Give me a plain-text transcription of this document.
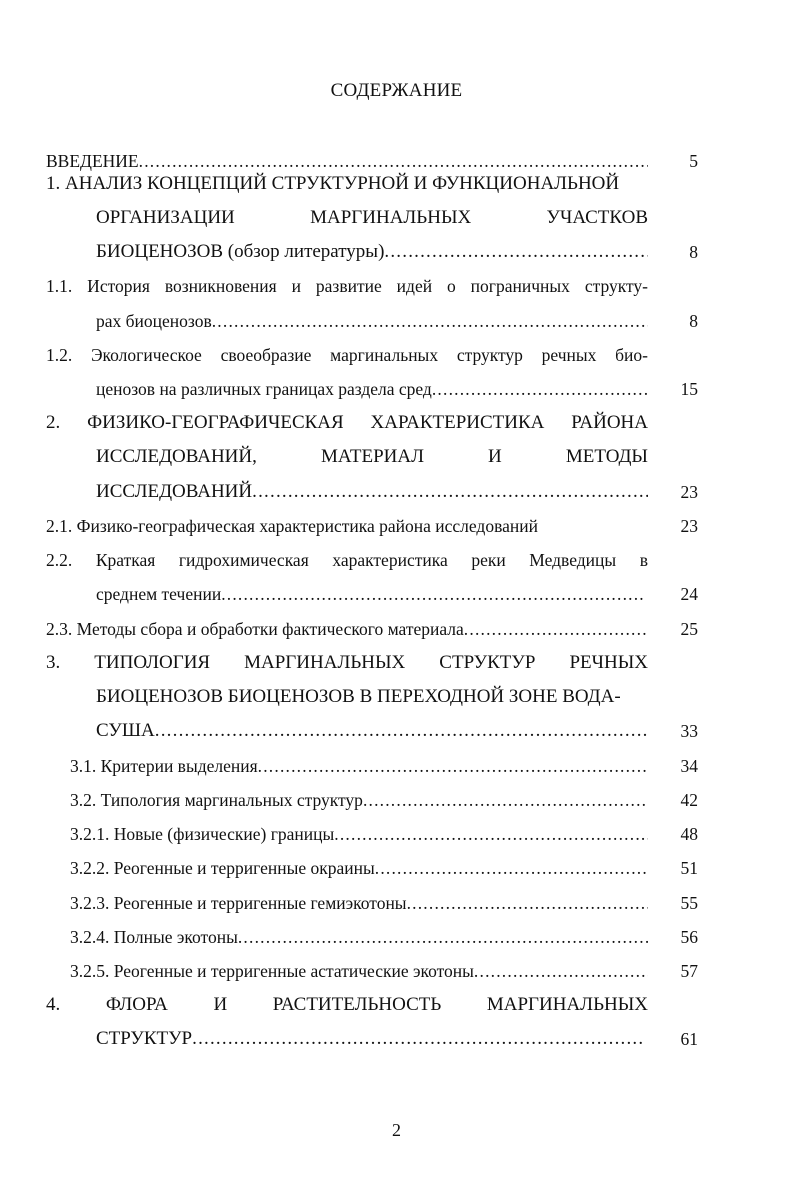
СОДЕРЖАНИЕ
ВВЕДЕНИЕ .....	5
1. АНАЛИЗ КОНЦЕПЦИЙ СТРУКТУРНОЙ И ФУНКЦИОНАЛЬНОЙ
ОРГАНИЗАЦИИ МАРГИНАЛЬНЫХ УЧАСТКОВ
БИОЦЕНОЗОВ (обзор литературы) .....	8
1.1. История возникновения и развитие идей о пограничных структу-
рах биоценозов .....	8
1.2. Экологическое своеобразие маргинальных структур речных био-
ценозов на различных границах раздела сред .....	15
2. ФИЗИКО-ГЕОГРАФИЧЕСКАЯ ХАРАКТЕРИСТИКА РАЙОНА
ИССЛЕДОВАНИЙ, МАТЕРИАЛ И МЕТОДЫ
ИССЛЕДОВАНИЙ .....	23
2.1. Физико-географическая характеристика района исследований	23
2.2. Краткая гидрохимическая характеристика реки Медведицы в
среднем течении .....	24
2.3. Методы сбора и обработки фактического материала .....	25
3. ТИПОЛОГИЯ МАРГИНАЛЬНЫХ СТРУКТУР РЕЧНЫХ
БИОЦЕНОЗОВ БИОЦЕНОЗОВ В ПЕРЕХОДНОЙ ЗОНЕ ВОДА-
СУША .....	33
3.1. Критерии выделения .....	34
3.2. Типология маргинальных структур .....	42
3.2.1. Новые (физические) границы .....	48
3.2.2. Реогенные и терригенные окраины .....	51
3.2.3. Реогенные и терригенные гемиэкотоны .....	55
3.2.4. Полные экотоны .....	56
3.2.5. Реогенные и терригенные астатические экотоны .....	57
4. ФЛОРА И РАСТИТЕЛЬНОСТЬ МАРГИНАЛЬНЫХ
СТРУКТУР .....	61
2
